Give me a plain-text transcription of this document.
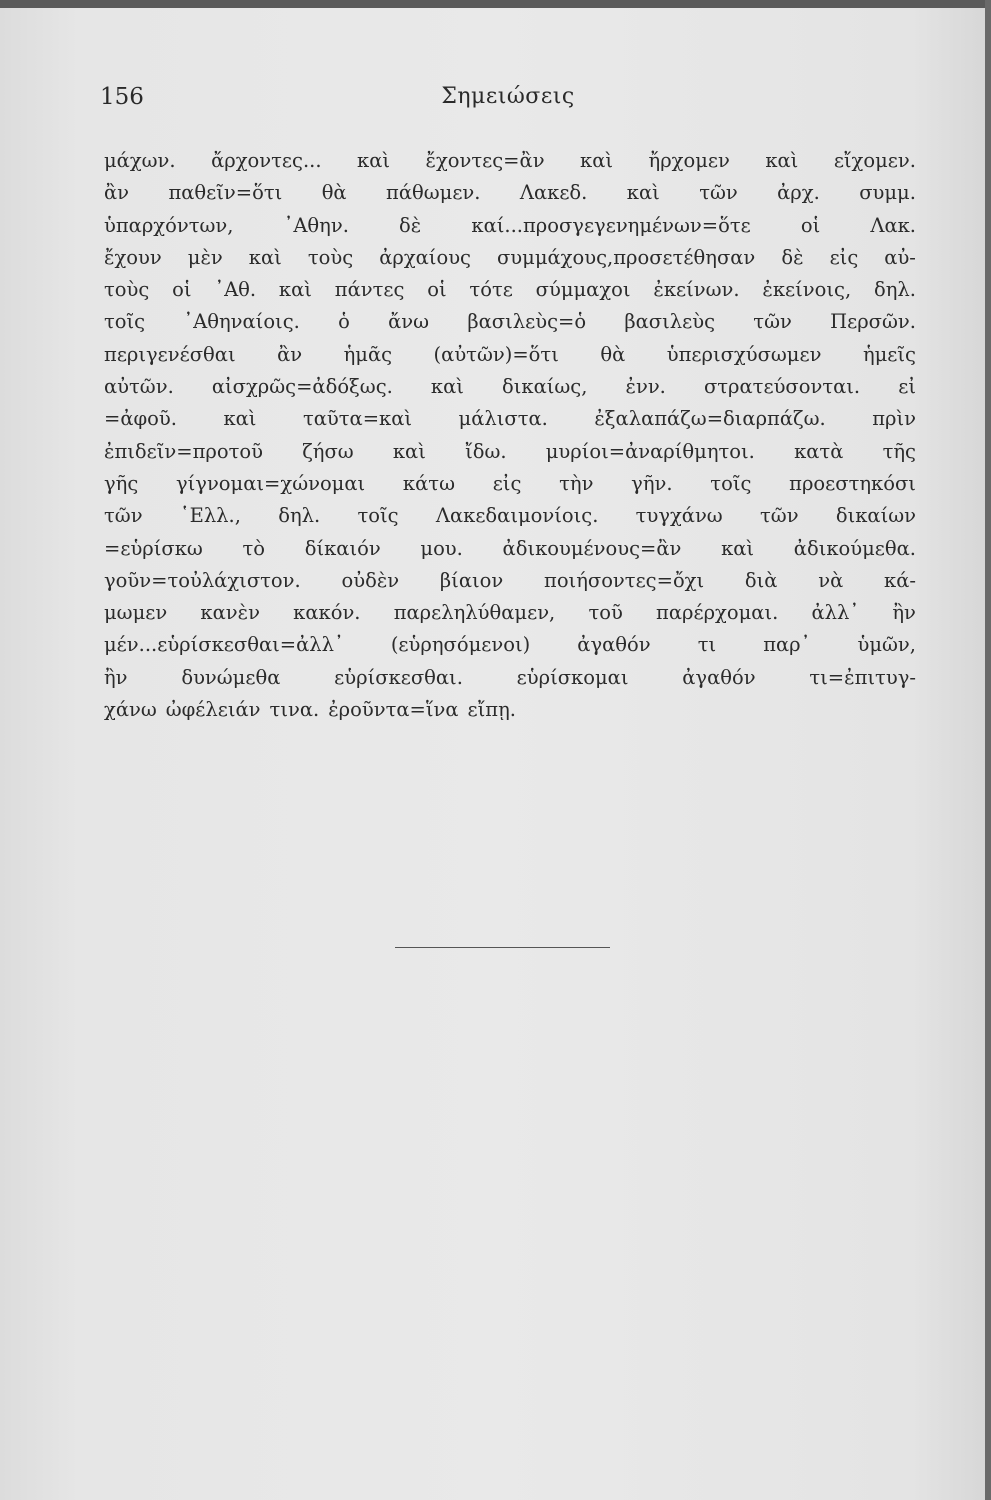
156	Σημειώσεις
μάχων. ἄρχοντες... καὶ ἔχοντες=ἂν καὶ ἤρχομεν καὶ εἴχομεν.
ἂν παθεῖν=ὅτι θὰ πάθωμεν. Λακεδ. καὶ τῶν ἀρχ. συμμ.
ὑπαρχόντων,	᾿Αθην.	δὲ	καί...προσγεγενημένων=ὅτε	οἱ	Λακ.
ἔχουν μὲν καὶ τοὺς ἀρχαίους συμμάχους,προσετέθησαν δὲ εἰς αὐ-
τοὺς οἱ ᾿Αθ. καὶ πάντες οἱ τότε σύμμαχοι ἐκείνων. ἐκείνοις, δηλ.
τοῖς ᾿Αθηναίοις. ὁ ἄνω βασιλεὺς=ὁ βασιλεὺς τῶν Περσῶν.
περιγενέσθαι ἂν ἡμᾶς (αὐτῶν)=ὅτι θὰ ὑπερισχύσωμεν ἡμεῖς
αὐτῶν. αἰσχρῶς=ἀδόξως. καὶ δικαίως, ἐνν. στρατεύσονται. εἰ
=ἀφοῦ. καὶ ταῦτα=καὶ μάλιστα. ἐξαλαπάζω=διαρπάζω. πρὶν
ἐπιδεῖν=προτοῦ ζήσω καὶ ἴδω. μυρίοι=ἀναρίθμητοι. κατὰ τῆς
γῆς γίγνομαι=χώνομαι κάτω εἰς τὴν γῆν. τοῖς προεστηκόσι
τῶν ῾Ελλ., δηλ. τοῖς Λακεδαιμονίοις. τυγχάνω τῶν δικαίων
=εὑρίσκω τὸ δίκαιόν μου. ἀδικουμένους=ἂν καὶ ἀδικούμεθα.
γοῦν=τοὐλάχιστον. οὐδὲν βίαιον ποιήσοντες=ὄχι διὰ νὰ κά-
μωμεν κανὲν κακόν. παρεληλύθαμεν, τοῦ παρέρχομαι. ἀλλ᾿ ἢν
μέν...εὑρίσκεσθαι=ἀλλ᾿ (εὑρησόμενοι) ἀγαθόν τι παρ᾿ ὑμῶν,
ἢν	δυνώμεθα	εὑρίσκεσθαι.	εὑρίσκομαι	ἀγαθόν	τι=ἐπιτυγ-
χάνω ὠφέλειάν τινα. ἐροῦντα=ἵνα εἴπῃ.
